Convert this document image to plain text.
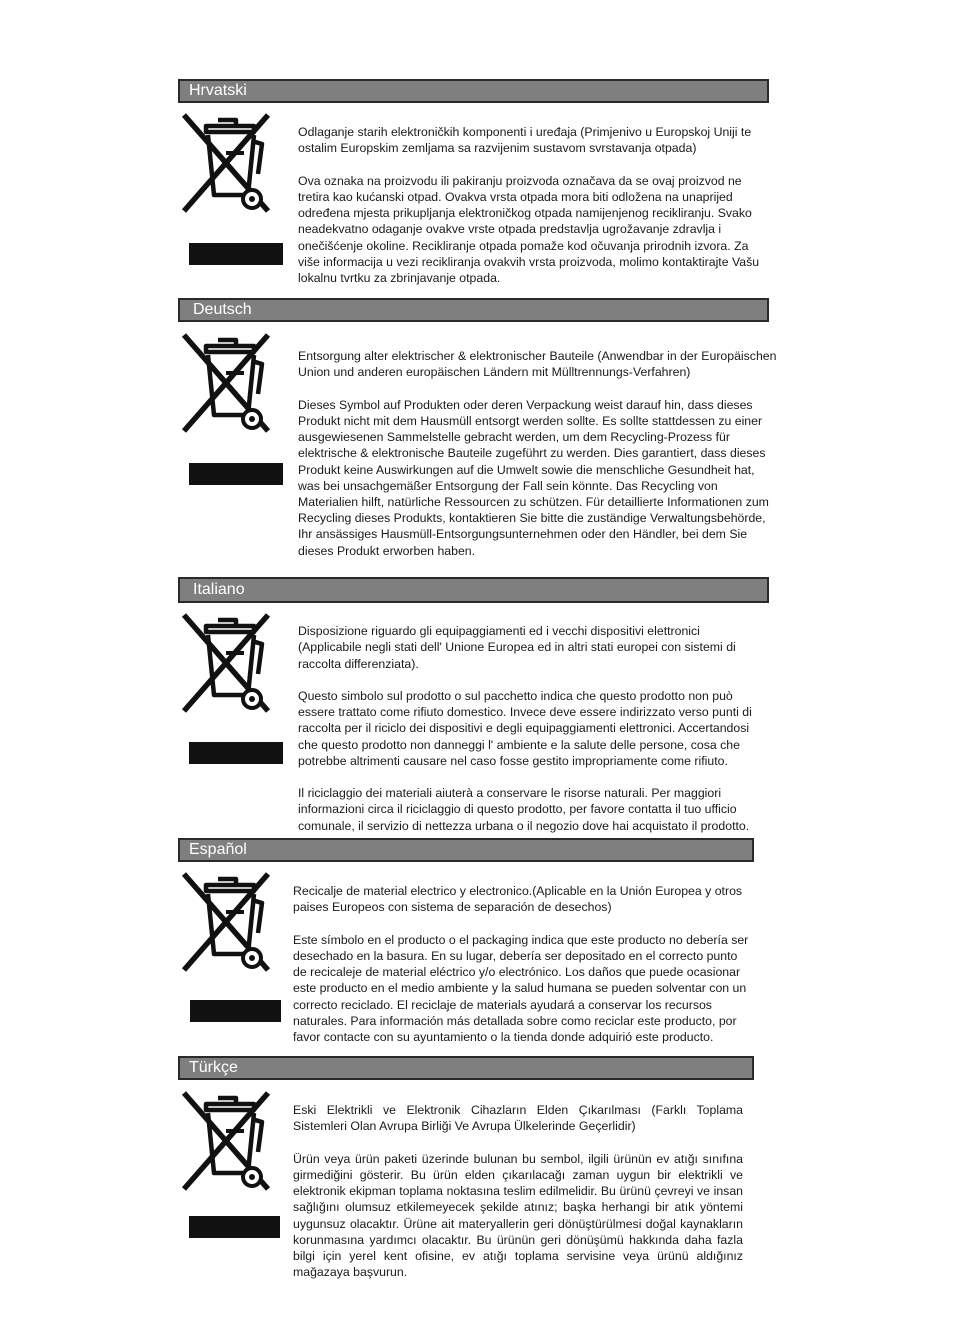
Hrvatski

Odlaganje starih elektroničkih komponenti i uređaja (Primjenivo u Europskoj Uniji te ostalim Europskim zemljama sa razvijenim sustavom svrstavanja otpada)

Ova oznaka na proizvodu ili pakiranju proizvoda označava da se ovaj proizvod ne tretira kao kućanski otpad. Ovakva vrsta otpada mora biti odložena na unaprijed određena mjesta prikupljanja elektroničkog otpada namijenjenog recikliranju. Svako neadekvatno odaganje ovakve vrste otpada predstavlja ugrožavanje zdravlja i onečišćenje okoline. Recikliranje otpada pomaže kod očuvanja prirodnih izvora. Za više informacija u vezi recikliranja ovakvih vrsta proizvoda, molimo kontaktirajte Vašu lokalnu tvrtku za zbrinjavanje otpada.

Deutsch

Entsorgung alter elektrischer & elektronischer Bauteile (Anwendbar in der Europäischen Union und anderen europäischen Ländern mit Mülltrennungs-Verfahren)

Dieses Symbol auf Produkten oder deren Verpackung weist darauf hin, dass dieses Produkt nicht mit dem Hausmüll entsorgt werden sollte. Es sollte stattdessen zu einer ausgewiesenen Sammelstelle gebracht werden, um dem Recycling-Prozess für elektrische & elektronische Bauteile zugeführt zu werden. Dies garantiert, dass dieses Produkt keine Auswirkungen auf die Umwelt sowie die menschliche Gesundheit hat, was bei unsachgemäßer Entsorgung der Fall sein könnte. Das Recycling von Materialien hilft, natürliche Ressourcen zu schützen. Für detaillierte Informationen zum Recycling dieses Produkts, kontaktieren Sie bitte die zuständige Verwaltungsbehörde, Ihr ansässiges Hausmüll-Entsorgungsunternehmen oder den Händler, bei dem Sie dieses Produkt erworben haben.

Italiano

Disposizione riguardo gli equipaggiamenti ed i vecchi dispositivi elettronici (Applicabile negli stati dell' Unione Europea ed in altri stati europei con sistemi di raccolta differenziata).

Questo simbolo sul prodotto o sul pacchetto indica che questo prodotto non può essere trattato come rifiuto domestico. Invece deve essere indirizzato verso punti di raccolta per il riciclo dei dispositivi e degli equipaggiamenti elettronici. Accertandosi che questo prodotto non danneggi l' ambiente e la salute delle persone, cosa che potrebbe altrimenti causare nel caso fosse gestito impropriamente come rifiuto.

Il riciclaggio dei materiali aiuterà a conservare le risorse naturali. Per maggiori informazioni circa il riciclaggio di questo prodotto, per favore contatta il tuo ufficio comunale, il servizio di nettezza urbana o il negozio dove hai acquistato il prodotto.

Español

Recicalje de material electrico y electronico.(Aplicable en la Unión Europea y otros paises Europeos con sistema de separación de desechos)

Este símbolo en el producto o el packaging indica que este producto no debería ser desechado en la basura. En su lugar, debería ser depositado en el correcto punto de recicaleje de material eléctrico y/o electrónico. Los daños que puede ocasionar este producto en el medio ambiente y la salud humana se pueden solventar con un correcto reciclado. El reciclaje de materials ayudará a conservar los recursos naturales. Para información más detallada sobre como reciclar este producto, por favor contacte con su ayuntamiento o la tienda donde adquirió este producto.

Türkçe

Eski Elektrikli ve Elektronik Cihazların Elden Çıkarılması (Farklı Toplama Sistemleri Olan Avrupa Birliği Ve Avrupa Ülkelerinde Geçerlidir)

Ürün veya ürün paketi üzerinde bulunan bu sembol, ilgili ürünün ev atığı sınıfına girmediğini gösterir. Bu ürün elden çıkarılacağı zaman uygun bir elektrikli ve elektronik ekipman toplama noktasına teslim edilmelidir. Bu ürünü çevreyi ve insan sağlığını olumsuz etkilemeyecek şekilde atınız; başka herhangi bir atık yöntemi uygunsuz olacaktır. Ürüne ait materyallerin geri dönüştürülmesi doğal kaynakların korunmasına yardımcı olacaktır. Bu ürünün geri dönüşümü hakkında daha fazla bilgi için yerel kent ofisine, ev atığı toplama servisine veya ürünü aldığınız mağazaya başvurun.
